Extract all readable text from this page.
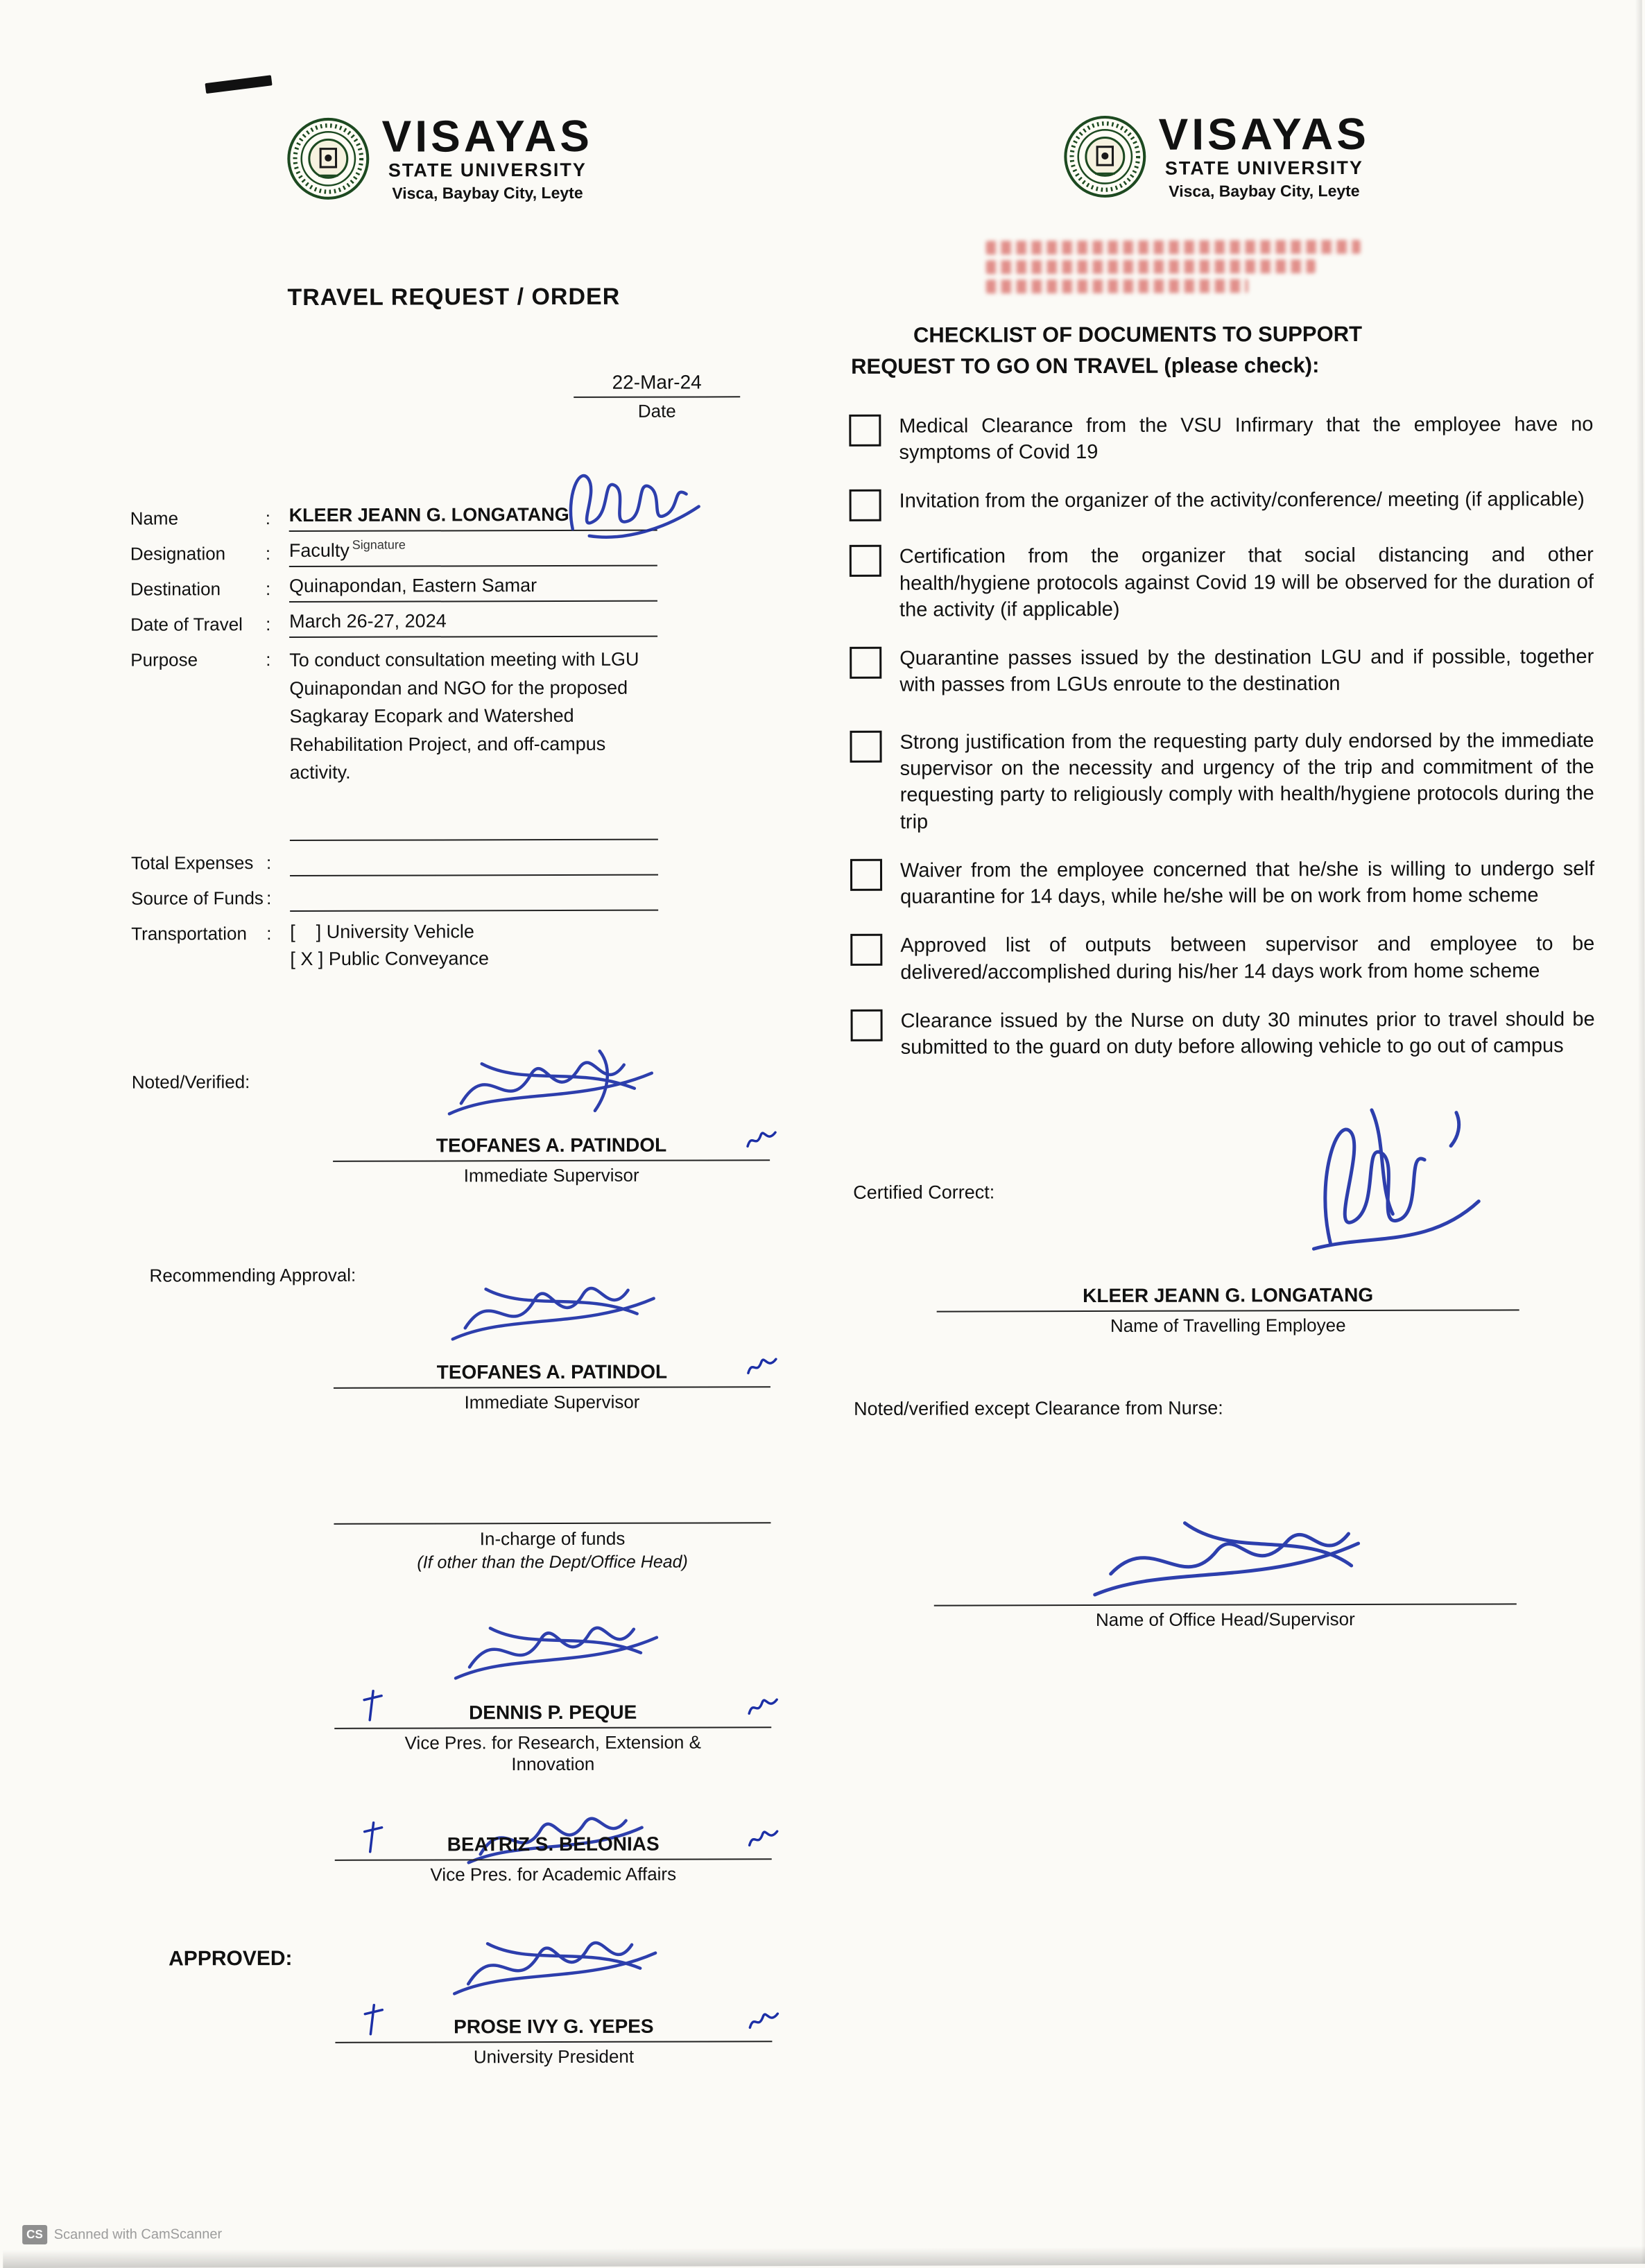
VISAYAS
STATE UNIVERSITY
Visca, Baybay City, Leyte
TRAVEL REQUEST / ORDER
22-Mar-24
Date
Name	: KLEER JEANN G. LONGATANG
Signature
Designation	: Faculty
Destination	: Quinapondan, Eastern Samar
Date of Travel	: March 26-27, 2024
Purpose	: To conduct consultation meeting with LGU Quinapondan and NGO for the proposed Sagkaray Ecopark and Watershed Rehabilitation Project, and off-campus activity.
Total Expenses :
Source of Funds :
Transportation	: [    ] University Vehicle
[ X ] Public Conveyance
Noted/Verified:
TEOFANES A. PATINDOL
Immediate Supervisor
Recommending Approval:
TEOFANES A. PATINDOL
Immediate Supervisor
In-charge of funds
(If other than the Dept/Office Head)
DENNIS P. PEQUE
Vice Pres. for Research, Extension & Innovation
BEATRIZ S. BELONIAS
Vice Pres. for Academic Affairs
APPROVED:
PROSE IVY G. YEPES
University President
VISAYAS
STATE UNIVERSITY
Visca, Baybay City, Leyte
CHECKLIST OF DOCUMENTS TO SUPPORT
REQUEST TO GO ON TRAVEL (please check):
Medical Clearance from the VSU Infirmary that the employee have no symptoms of Covid 19
Invitation from the organizer of the activity/conference/ meeting (if applicable)
Certification from the organizer that social distancing and other health/hygiene protocols against Covid 19 will be observed for the duration of the activity (if applicable)
Quarantine passes issued by the destination LGU and if possible, together with passes from LGUs enroute to the destination
Strong justification from the requesting party duly endorsed by the immediate supervisor on the necessity and urgency of the trip and commitment of the requesting party to religiously comply with health/hygiene protocols during the trip
Waiver from the employee concerned that he/she is willing to undergo self quarantine for 14 days, while he/she will be on work from home scheme
Approved list of outputs between supervisor and employee to be delivered/accomplished during his/her 14 days work from home scheme
Clearance issued by the Nurse on duty 30 minutes prior to travel should be submitted to the guard on duty before allowing vehicle to go out of campus
Certified Correct:
KLEER JEANN G. LONGATANG
Name of Travelling Employee
Noted/verified except Clearance from Nurse:
Name of Office Head/Supervisor
CS Scanned with CamScanner
